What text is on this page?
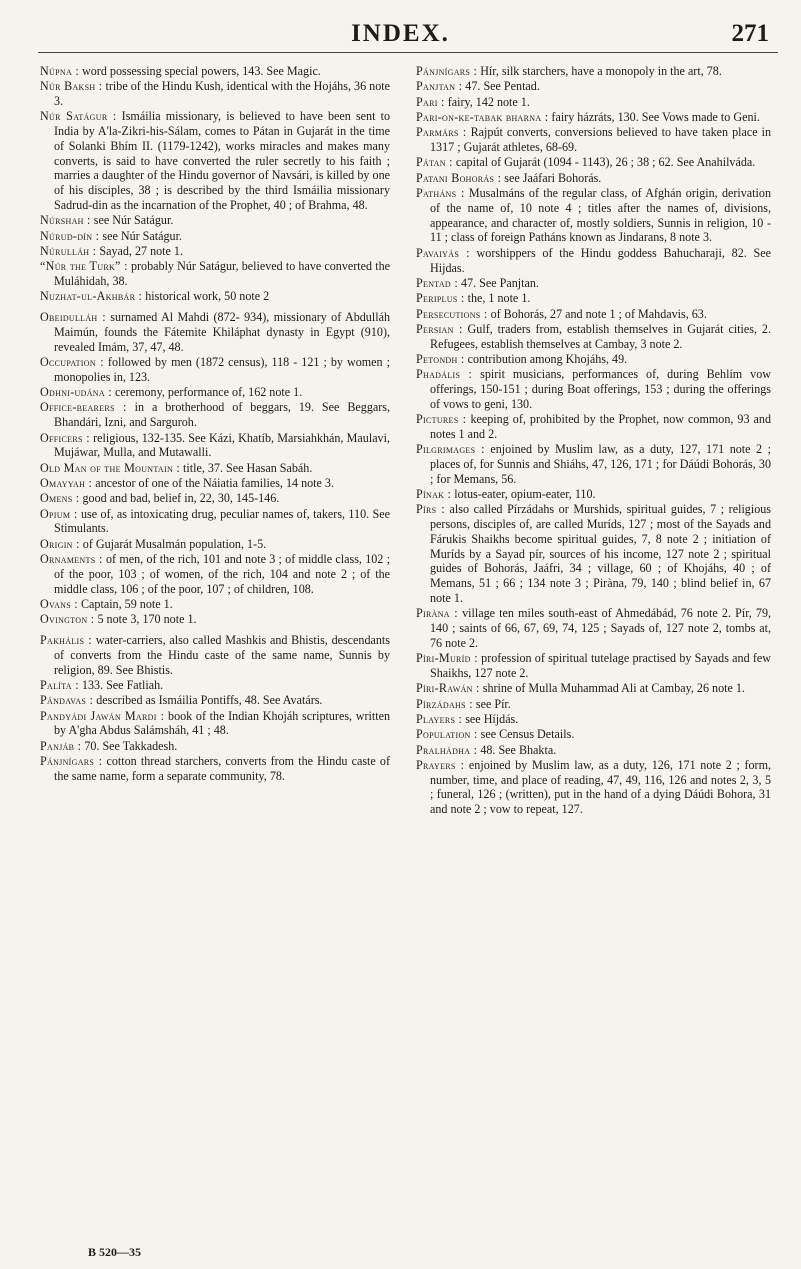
INDEX.	271

Núpna : word possessing special powers, 143. See Magic.

Núr Baksh : tribe of the Hindu Kush, identical with the Hojáhs, 36 note 3.

Núr Satágur : Ismáilia missionary, is believed to have been sent to India by A'la-Zikri-his-Sálam, comes to Pátan in Gujarát in the time of Solanki Bhím II. (1179-1242), works miracles and makes many converts, is said to have converted the ruler secretly to his faith ; marries a daughter of the Hindu governor of Navsári, is killed by one of his disciples, 38 ; is described by the third Ismáilia missionary Sadrud-din as the incarnation of the Prophet, 40 ; of Brahma, 48.

Núrshah : see Núr Satágur.

Núrud-dín : see Núr Satágur.

Núrulláh : Sayad, 27 note 1.

“Núr the Turk” : probably Núr Satágur, believed to have converted the Muláhidah, 38.

Nuzhat-ul-Akhbár : historical work, 50 note 2

Obeidulláh : surnamed Al Mahdi (872- 934), missionary of Abdulláh Maimún, founds the Fátemite Khiláphat dynasty in Egypt (910), revealed Imám, 37, 47, 48.

Occupation : followed by men (1872 census), 118 - 121 ; by women ; monopolies in, 123.

Odhni-udána : ceremony, performance of, 162 note 1.

Office-bearers : in a brotherhood of beggars, 19. See Beggars, Bhandári, Izni, and Sarguroh.

Officers : religious, 132-135. See Kázi, Khatíb, Marsiahkhán, Maulavi, Mujáwar, Mulla, and Mutawalli.

Old Man of the Mountain : title, 37. See Hasan Sabáh.

Omayyah : ancestor of one of the Náiatia families, 14 note 3.

Omens : good and bad, belief in, 22, 30, 145-146.

Opium : use of, as intoxicating drug, peculiar names of, takers, 110. See Stimulants.

Origin : of Gujarát Musalmán population, 1-5.

Ornaments : of men, of the rich, 101 and note 3 ; of middle class, 102 ; of the poor, 103 ; of women, of the rich, 104 and note 2 ; of the middle class, 106 ; of the poor, 107 ; of children, 108.

Ovans : Captain, 59 note 1.

Ovington : 5 note 3, 170 note 1.

Pakhális : water-carriers, also called Mashkis and Bhistis, descendants of converts from the Hindu caste of the same name, Sunnis by religion, 89. See Bhistis.

Palíta : 133. See Fatliah.

Pándavas : described as Ismáilia Pontiffs, 48. See Avatárs.

Pandyádi Jawán Mardi : book of the Indian Khojáh scriptures, written by A'gha Abdus Salámsháh, 41 ; 48.

Panjáb : 70. See Takkadesh.

Pánjnígars : cotton thread starchers, converts from the Hindu caste of the same name, form a separate community, 78.

Pánjnígars : Hír, silk starchers, have a monopoly in the art, 78.

Panjtan : 47. See Pentad.

Pari : fairy, 142 note 1.

Pari-on-ke-tabak bharna : fairy házráts, 130. See Vows made to Geni.

Parmárs : Rajpút converts, conversions believed to have taken place in 1317 ; Gujarát athletes, 68-69.

Pátan : capital of Gujarát (1094 - 1143), 26 ; 38 ; 62. See Anahilváda.

Patani Bohorás : see Jaáfari Bohorás.

Patháns : Musalmáns of the regular class, of Afghán origin, derivation of the name of, 10 note 4 ; titles after the names of, divisions, appearance, and character of, mostly soldiers, Sunnis in religion, 10 - 11 ; class of foreign Patháns known as Jindarans, 8 note 3.

Pavaiyás : worshippers of the Hindu goddess Bahucharaji, 82. See Hijdas.

Pentad : 47. See Panjtan.

Periplus : the, 1 note 1.

Persecutions : of Bohorás, 27 and note 1 ; of Mahdavis, 63.

Persian : Gulf, traders from, establish themselves in Gujarát cities, 2. Refugees, establish themselves at Cambay, 3 note 2.

Petondh : contribution among Khojáhs, 49.

Phadális : spirit musicians, performances of, during Behlím vow offerings, 150-151 ; during Boat offerings, 153 ; during the offerings of vows to geni, 130.

Pictures : keeping of, prohibited by the Prophet, now common, 93 and notes 1 and 2.

Pilgrimages : enjoined by Muslim law, as a duty, 127, 171 note 2 ; places of, for Sunnis and Shiáhs, 47, 126, 171 ; for Dáúdi Bohorás, 30 ; for Memans, 56.

Pínak : lotus-eater, opium-eater, 110.

Pírs : also called Pírzádahs or Murshids, spiritual guides, 7 ; religious persons, disciples of, are called Muríds, 127 ; most of the Sayads and Fárukis Shaikhs become spiritual guides, 7, 8 note 2 ; initiation of Muríds by a Sayad pír, sources of his income, 127 note 2 ; spiritual guides of Bohorás, Jaáfri, 34 ; village, 60 ; of Khojáhs, 40 ; of Memans, 51 ; 66 ; 134 note 3 ; Piràna, 79, 140 ; blind belief in, 67 note 1.

Piràna : village ten miles south-east of Ahmedábád, 76 note 2. Pír, 79, 140 ; saints of 66, 67, 69, 74, 125 ; Sayads of, 127 note 2, tombs at, 76 note 2.

Píri-Muríd : profession of spiritual tutelage practised by Sayads and few Shaikhs, 127 note 2.

Píri-Rawán : shrine of Mulla Muhammad Ali at Cambay, 26 note 1.

Pírzádahs : see Pír.

Players : see Híjdás.

Population : see Census Details.

Pralhádha : 48. See Bhakta.

Prayers : enjoined by Muslim law, as a duty, 126, 171 note 2 ; form, number, time, and place of reading, 47, 49, 116, 126 and notes 2, 3, 5 ; funeral, 126 ; (written), put in the hand of a dying Dáúdi Bohora, 31 and note 2 ; vow to repeat, 127.

B 520—35
